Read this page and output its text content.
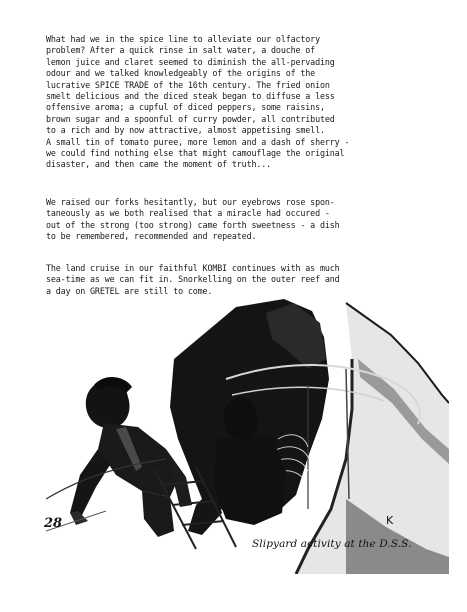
What had we in the spice line to alleviate our olfactory
problem? After a quick rinse in salt water, a douche of
lemon juice and claret seemed to diminish the all-pervading
odour and we talked knowledgeably of the origins of the
lucrative SPICE TRADE of the 16th century. The fried onion
smelt delicious and the diced steak began to diffuse a less
offensive aroma; a cupful of diced peppers, some raisins,
brown sugar and a spoonful of curry powder, all contributed
to a rich and by now attractive, almost appetising smell.
A small tin of tomato puree, more lemon and a dash of sherry -
we could find nothing else that might camouflage the original
disaster, and then came the moment of truth...

We raised our forks hesitantly, but our eyebrows rose spon-
taneously as we both realised that a miracle had occured -
out of the strong (too strong) came forth sweetness - a dish
to be remembered, recommended and repeated.

The land cruise in our faithful KOMBI continues with as much
sea-time as we can fit in. Snorkelling on the outer reef and
a day on GRETEL are still to come.

K
28
Slipyard activity at the D.S.S.
